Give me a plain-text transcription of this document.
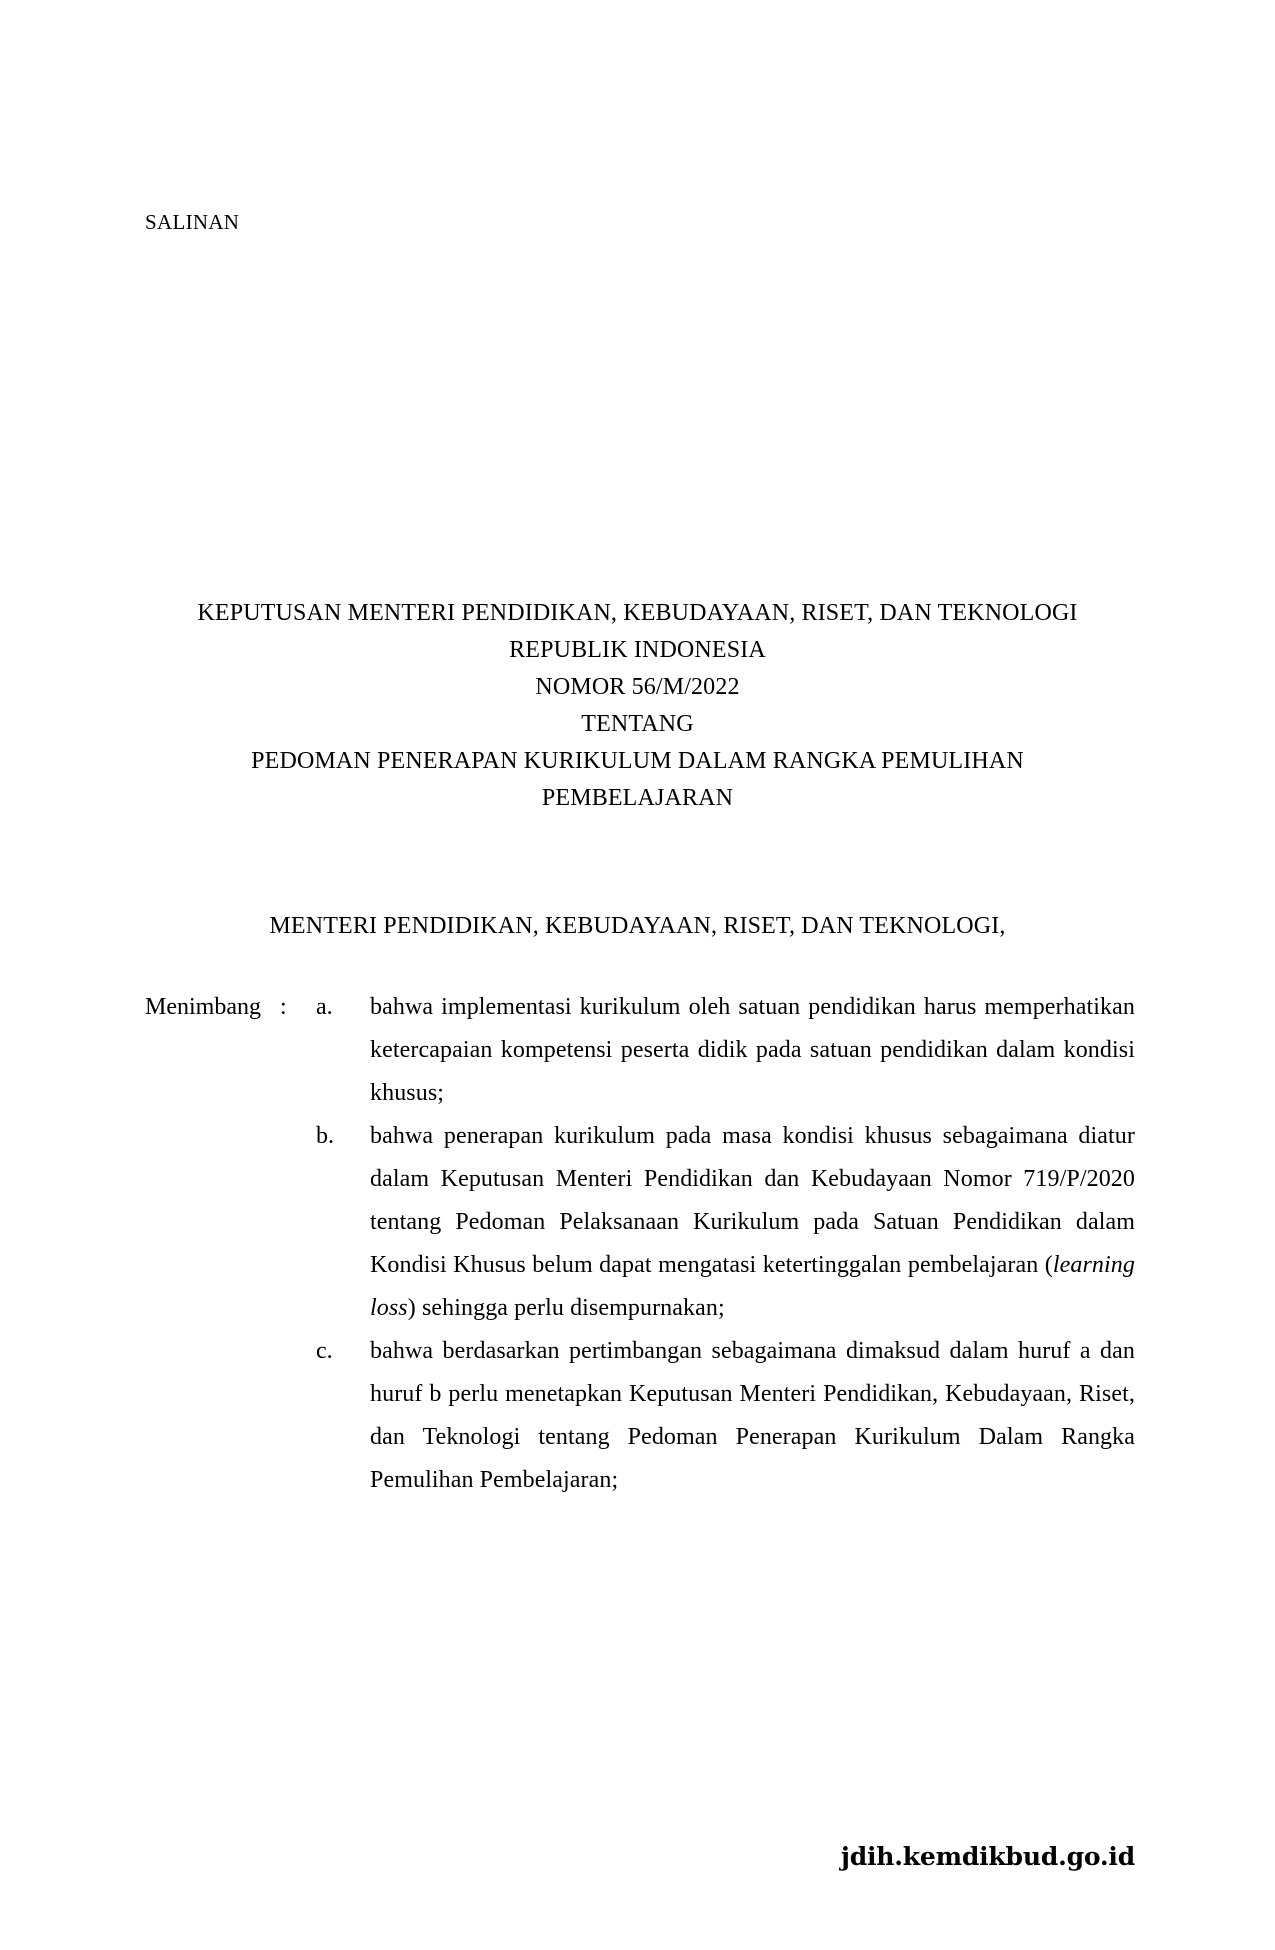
SALINAN
KEPUTUSAN MENTERI PENDIDIKAN, KEBUDAYAAN, RISET, DAN TEKNOLOGI
REPUBLIK INDONESIA
NOMOR 56/M/2022
TENTANG
PEDOMAN PENERAPAN KURIKULUM DALAM RANGKA PEMULIHAN
PEMBELAJARAN
MENTERI PENDIDIKAN, KEBUDAYAAN, RISET, DAN TEKNOLOGI,
Menimbang :	a.	bahwa implementasi kurikulum oleh satuan pendidikan harus memperhatikan ketercapaian kompetensi peserta didik pada satuan pendidikan dalam kondisi khusus;
b.	bahwa penerapan kurikulum pada masa kondisi khusus sebagaimana diatur dalam Keputusan Menteri Pendidikan dan Kebudayaan Nomor 719/P/2020 tentang Pedoman Pelaksanaan Kurikulum pada Satuan Pendidikan dalam Kondisi Khusus belum dapat mengatasi ketertinggalan pembelajaran (learning loss) sehingga perlu disempurnakan;
c.	bahwa berdasarkan pertimbangan sebagaimana dimaksud dalam huruf a dan huruf b perlu menetapkan Keputusan Menteri Pendidikan, Kebudayaan, Riset, dan Teknologi tentang Pedoman Penerapan Kurikulum Dalam Rangka Pemulihan Pembelajaran;
jdih.kemdikbud.go.id
